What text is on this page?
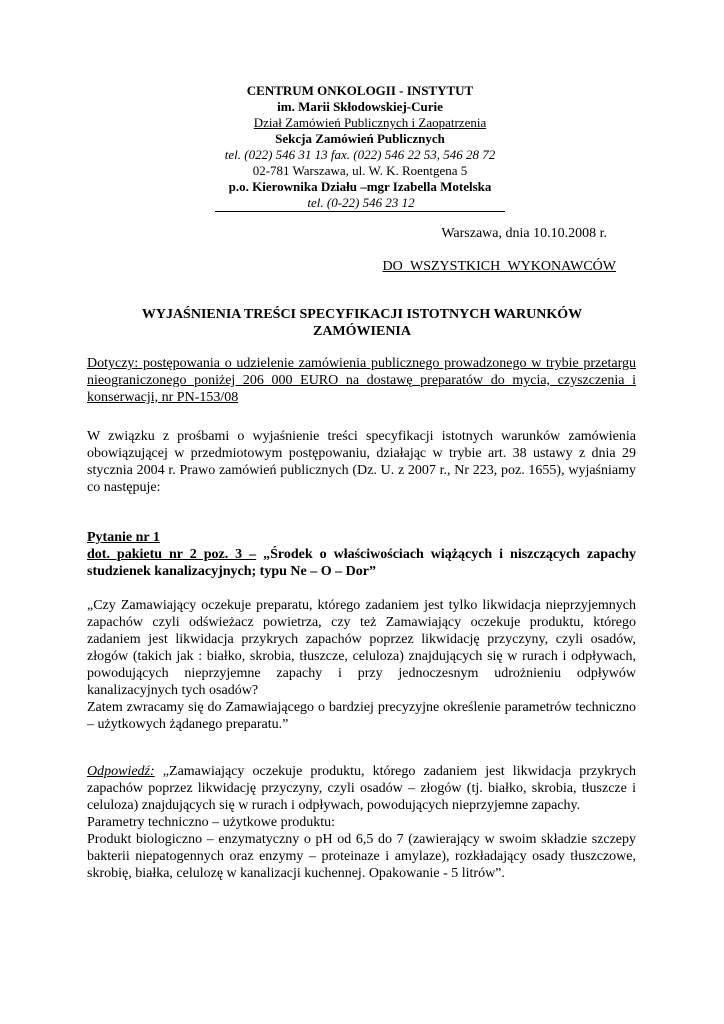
CENTRUM ONKOLOGII - INSTYTUT
im. Marii Skłodowskiej-Curie
Dział Zamówień Publicznych i Zaopatrzenia
Sekcja Zamówień Publicznych
tel. (022) 546 31 13 fax. (022) 546 22 53, 546 28 72
02-781 Warszawa, ul. W. K. Roentgena 5
p.o. Kierownika Działu –mgr Izabella Motelska
tel. (0-22) 546 23 12
Warszawa, dnia 10.10.2008 r.
DO WSZYSTKICH WYKONAWCÓW
WYJAŚNIENIA TREŚCI SPECYFIKACJI ISTOTNYCH WARUNKÓW
ZAMÓWIENIA
Dotyczy: postępowania o udzielenie zamówienia publicznego prowadzonego w trybie przetargu nieograniczonego poniżej 206 000 EURO na dostawę preparatów do mycia, czyszczenia i konserwacji, nr PN-153/08
W związku z prośbami o wyjaśnienie treści specyfikacji istotnych warunków zamówienia obowiązującej w przedmiotowym postępowaniu, działając w trybie art. 38 ustawy z dnia 29 stycznia 2004 r. Prawo zamówień publicznych (Dz. U. z 2007 r., Nr 223, poz. 1655), wyjaśniamy co następuje:
Pytanie nr 1
dot. pakietu nr 2 poz. 3 – „Środek o właściwościach wiążących i niszczących zapachy studzienek kanalizacyjnych; typu Ne – O – Dor”
„Czy Zamawiający oczekuje preparatu, którego zadaniem jest tylko likwidacja nieprzyjemnych zapachów czyli odświeżacz powietrza, czy też Zamawiający oczekuje produktu, którego zadaniem jest likwidacja przykrych zapachów poprzez likwidację przyczyny, czyli osadów, złogów (takich jak : białko, skrobia, tłuszcze, celuloza) znajdujących się w rurach i odpływach, powodujących nieprzyjemne zapachy i przy jednoczesnym udrożnieniu odpływów kanalizacyjnych tych osadów?
Zatem zwracamy się do Zamawiającego o bardziej precyzyjne określenie parametrów techniczno – użytkowych żądanego preparatu.”
Odpowiedź: „Zamawiający oczekuje produktu, którego zadaniem jest likwidacja przykrych zapachów poprzez likwidację przyczyny, czyli osadów – złogów (tj. białko, skrobia, tłuszcze i celuloza) znajdujących się w rurach i odpływach, powodujących nieprzyjemne zapachy.
Parametry techniczno – użytkowe produktu:
Produkt biologiczno – enzymatyczny o pH od 6,5 do 7 (zawierający w swoim składzie szczepy bakterii niepatogennych oraz enzymy – proteinaze i amylaze), rozkładający osady tłuszczowe, skrobię, białka, celulozę w kanalizacji kuchennej. Opakowanie - 5 litrów”.
